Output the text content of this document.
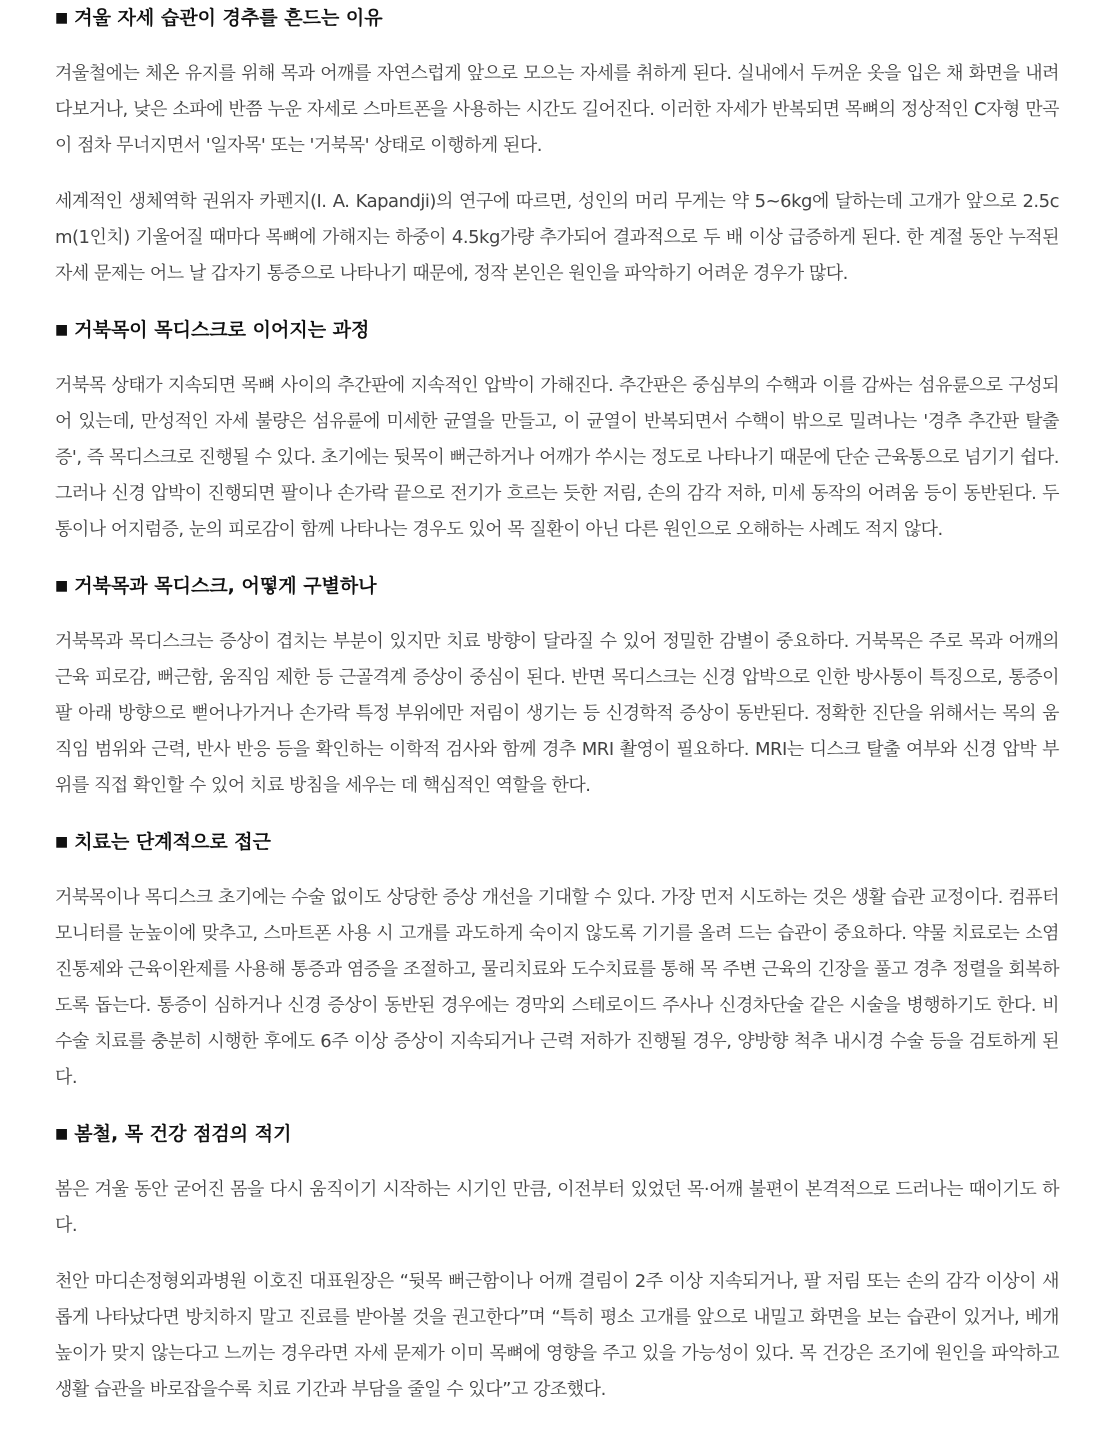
■ 겨울 자세 습관이 경추를 흔드는 이유

겨울철에는 체온 유지를 위해 목과 어깨를 자연스럽게 앞으로 모으는 자세를 취하게 된다. 실내에서 두꺼운 옷을 입은 채 화면을 내려다보거나, 낮은 소파에 반쯤 누운 자세로 스마트폰을 사용하는 시간도 길어진다. 이러한 자세가 반복되면 목뼈의 정상적인 C자형 만곡이 점차 무너지면서 '일자목' 또는 '거북목' 상태로 이행하게 된다.

세계적인 생체역학 권위자 카펜지(I. A. Kapandji)의 연구에 따르면, 성인의 머리 무게는 약 5~6kg에 달하는데 고개가 앞으로 2.5cm(1인치) 기울어질 때마다 목뼈에 가해지는 하중이 4.5kg가량 추가되어 결과적으로 두 배 이상 급증하게 된다. 한 계절 동안 누적된 자세 문제는 어느 날 갑자기 통증으로 나타나기 때문에, 정작 본인은 원인을 파악하기 어려운 경우가 많다.

■ 거북목이 목디스크로 이어지는 과정

거북목 상태가 지속되면 목뼈 사이의 추간판에 지속적인 압박이 가해진다. 추간판은 중심부의 수핵과 이를 감싸는 섬유륜으로 구성되어 있는데, 만성적인 자세 불량은 섬유륜에 미세한 균열을 만들고, 이 균열이 반복되면서 수핵이 밖으로 밀려나는 '경추 추간판 탈출증', 즉 목디스크로 진행될 수 있다. 초기에는 뒷목이 뻐근하거나 어깨가 쑤시는 정도로 나타나기 때문에 단순 근육통으로 넘기기 쉽다. 그러나 신경 압박이 진행되면 팔이나 손가락 끝으로 전기가 흐르는 듯한 저림, 손의 감각 저하, 미세 동작의 어려움 등이 동반된다. 두통이나 어지럼증, 눈의 피로감이 함께 나타나는 경우도 있어 목 질환이 아닌 다른 원인으로 오해하는 사례도 적지 않다.

■ 거북목과 목디스크, 어떻게 구별하나

거북목과 목디스크는 증상이 겹치는 부분이 있지만 치료 방향이 달라질 수 있어 정밀한 감별이 중요하다. 거북목은 주로 목과 어깨의 근육 피로감, 뻐근함, 움직임 제한 등 근골격계 증상이 중심이 된다. 반면 목디스크는 신경 압박으로 인한 방사통이 특징으로, 통증이 팔 아래 방향으로 뻗어나가거나 손가락 특정 부위에만 저림이 생기는 등 신경학적 증상이 동반된다. 정확한 진단을 위해서는 목의 움직임 범위와 근력, 반사 반응 등을 확인하는 이학적 검사와 함께 경추 MRI 촬영이 필요하다. MRI는 디스크 탈출 여부와 신경 압박 부위를 직접 확인할 수 있어 치료 방침을 세우는 데 핵심적인 역할을 한다.

■ 치료는 단계적으로 접근

거북목이나 목디스크 초기에는 수술 없이도 상당한 증상 개선을 기대할 수 있다. 가장 먼저 시도하는 것은 생활 습관 교정이다. 컴퓨터 모니터를 눈높이에 맞추고, 스마트폰 사용 시 고개를 과도하게 숙이지 않도록 기기를 올려 드는 습관이 중요하다. 약물 치료로는 소염진통제와 근육이완제를 사용해 통증과 염증을 조절하고, 물리치료와 도수치료를 통해 목 주변 근육의 긴장을 풀고 경추 정렬을 회복하도록 돕는다. 통증이 심하거나 신경 증상이 동반된 경우에는 경막외 스테로이드 주사나 신경차단술 같은 시술을 병행하기도 한다. 비수술 치료를 충분히 시행한 후에도 6주 이상 증상이 지속되거나 근력 저하가 진행될 경우, 양방향 척추 내시경 수술 등을 검토하게 된다.

■ 봄철, 목 건강 점검의 적기

봄은 겨울 동안 굳어진 몸을 다시 움직이기 시작하는 시기인 만큼, 이전부터 있었던 목·어깨 불편이 본격적으로 드러나는 때이기도 하다.

천안 마디손정형외과병원 이호진 대표원장은 “뒷목 뻐근함이나 어깨 결림이 2주 이상 지속되거나, 팔 저림 또는 손의 감각 이상이 새롭게 나타났다면 방치하지 말고 진료를 받아볼 것을 권고한다”며 “특히 평소 고개를 앞으로 내밀고 화면을 보는 습관이 있거나, 베개 높이가 맞지 않는다고 느끼는 경우라면 자세 문제가 이미 목뼈에 영향을 주고 있을 가능성이 있다. 목 건강은 조기에 원인을 파악하고 생활 습관을 바로잡을수록 치료 기간과 부담을 줄일 수 있다”고 강조했다.
